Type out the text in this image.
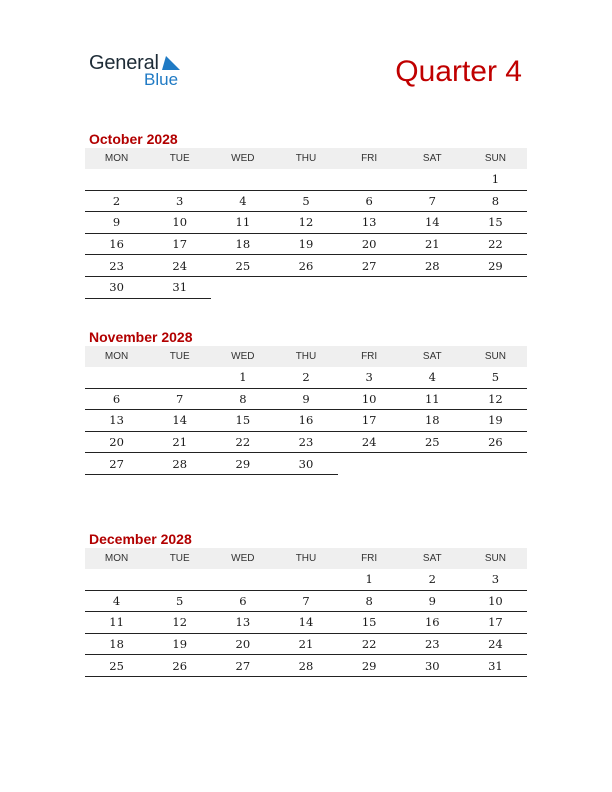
General
Blue	Quarter 4
October 2028
MON	TUE	WED	THU	FRI	SAT	SUN
						1
2	3	4	5	6	7	8
9	10	11	12	13	14	15
16	17	18	19	20	21	22
23	24	25	26	27	28	29
30	31					
November 2028
MON	TUE	WED	THU	FRI	SAT	SUN
		1	2	3	4	5
6	7	8	9	10	11	12
13	14	15	16	17	18	19
20	21	22	23	24	25	26
27	28	29	30			
December 2028
MON	TUE	WED	THU	FRI	SAT	SUN
				1	2	3
4	5	6	7	8	9	10
11	12	13	14	15	16	17
18	19	20	21	22	23	24
25	26	27	28	29	30	31
